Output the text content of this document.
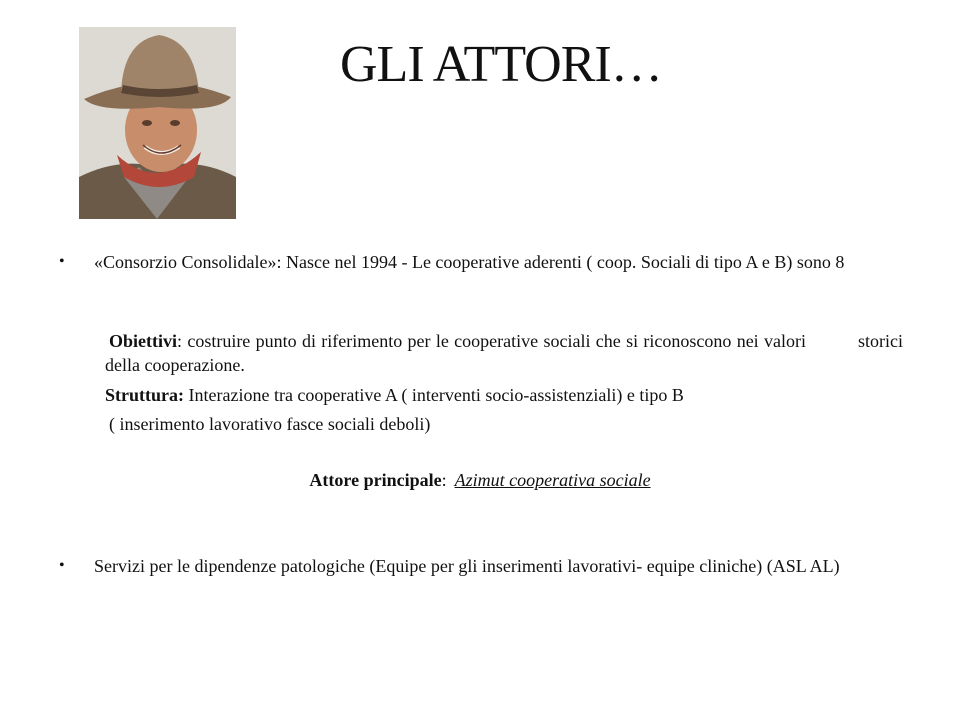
GLI ATTORI…
• «Consorzio Consolidale»: Nasce nel 1994 - Le cooperative aderenti ( coop. Sociali di tipo A e B) sono 8
Obiettivi: costruire punto di riferimento per le cooperative sociali che si riconoscono nei valori	storici della cooperazione.
Struttura: Interazione tra cooperative A ( interventi socio-assistenziali) e tipo B
( inserimento lavorativo fasce sociali deboli)
Attore principale: Azimut cooperativa sociale
• Servizi per le dipendenze patologiche (Equipe per gli inserimenti lavorativi- equipe cliniche) (ASL AL)
